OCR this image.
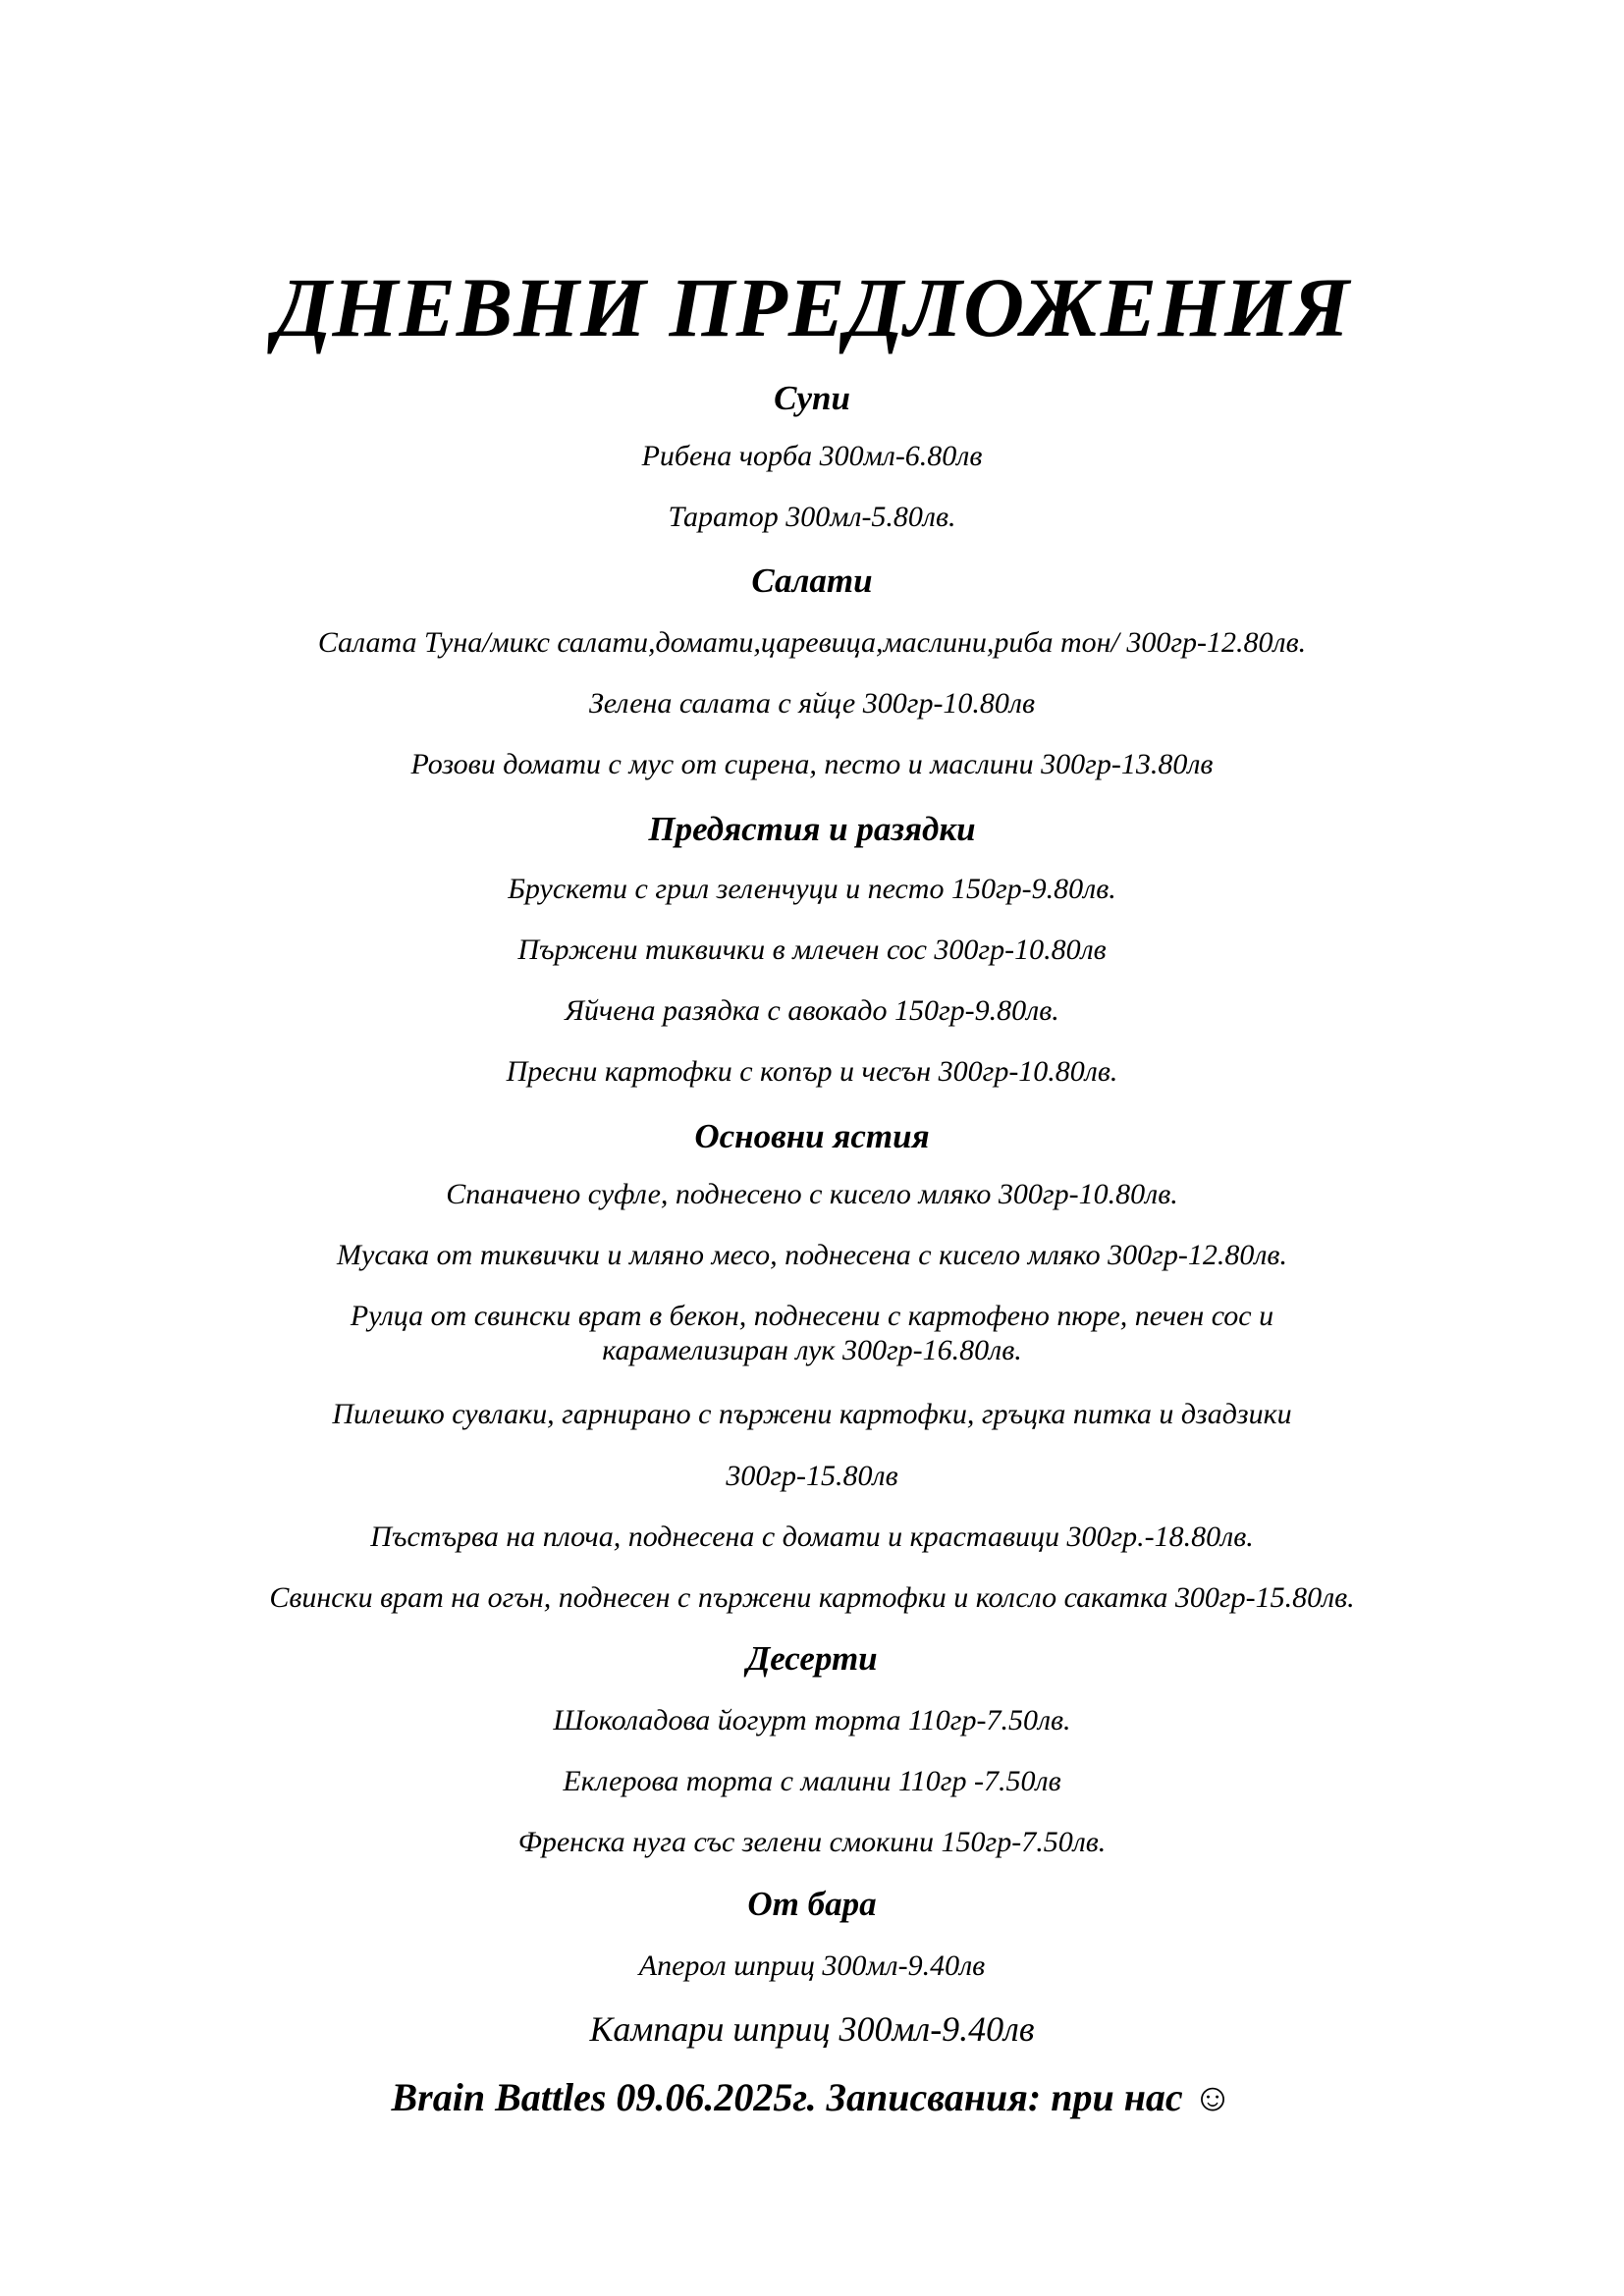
ДНЕВНИ ПРЕДЛОЖЕНИЯ
Супи

Рибена чорба 300мл-6.80лв

Таратор 300мл-5.80лв.

Салати

Салата Туна/микс салати,домати,царевица,маслини,риба тон/ 300гр-12.80лв.

Зелена салата с яйце 300гр-10.80лв

Розови домати с мус от сирена, песто и маслини 300гр-13.80лв

Предястия и разядки

Брускети с грил зеленчуци и песто 150гр-9.80лв.

Пържени тиквички в млечен сос 300гр-10.80лв

Яйчена разядка с авокадо 150гр-9.80лв.

Пресни картофки с копър и чесън 300гр-10.80лв.

Основни ястия

Спаначено суфле, поднесено с кисело мляко 300гр-10.80лв.

Мусака от тиквички и мляно месо, поднесена с кисело мляко 300гр-12.80лв.

Рулца от свински врат в бекон, поднесени с картофено пюре, печен сос и

карамелизиран лук 300гр-16.80лв.

Пилешко сувлаки, гарнирано с пържени картофки, гръцка питка и дзадзики

300гр-15.80лв

Пъстърва на плоча, поднесена с домати и краставици 300гр.-18.80лв.

Свински врат на огън, поднесен с пържени картофки и колсло сакатка 300гр-15.80лв.

Десерти

Шоколадова йогурт торта 110гр-7.50лв.

Еклерова торта с малини 110гр -7.50лв

Френска нуга със зелени смокини 150гр-7.50лв.

От бара

Аперол шприц 300мл-9.40лв

Кампари шприц 300мл-9.40лв

Brain Battles 09.06.2025г. Записвания: при нас ☺
